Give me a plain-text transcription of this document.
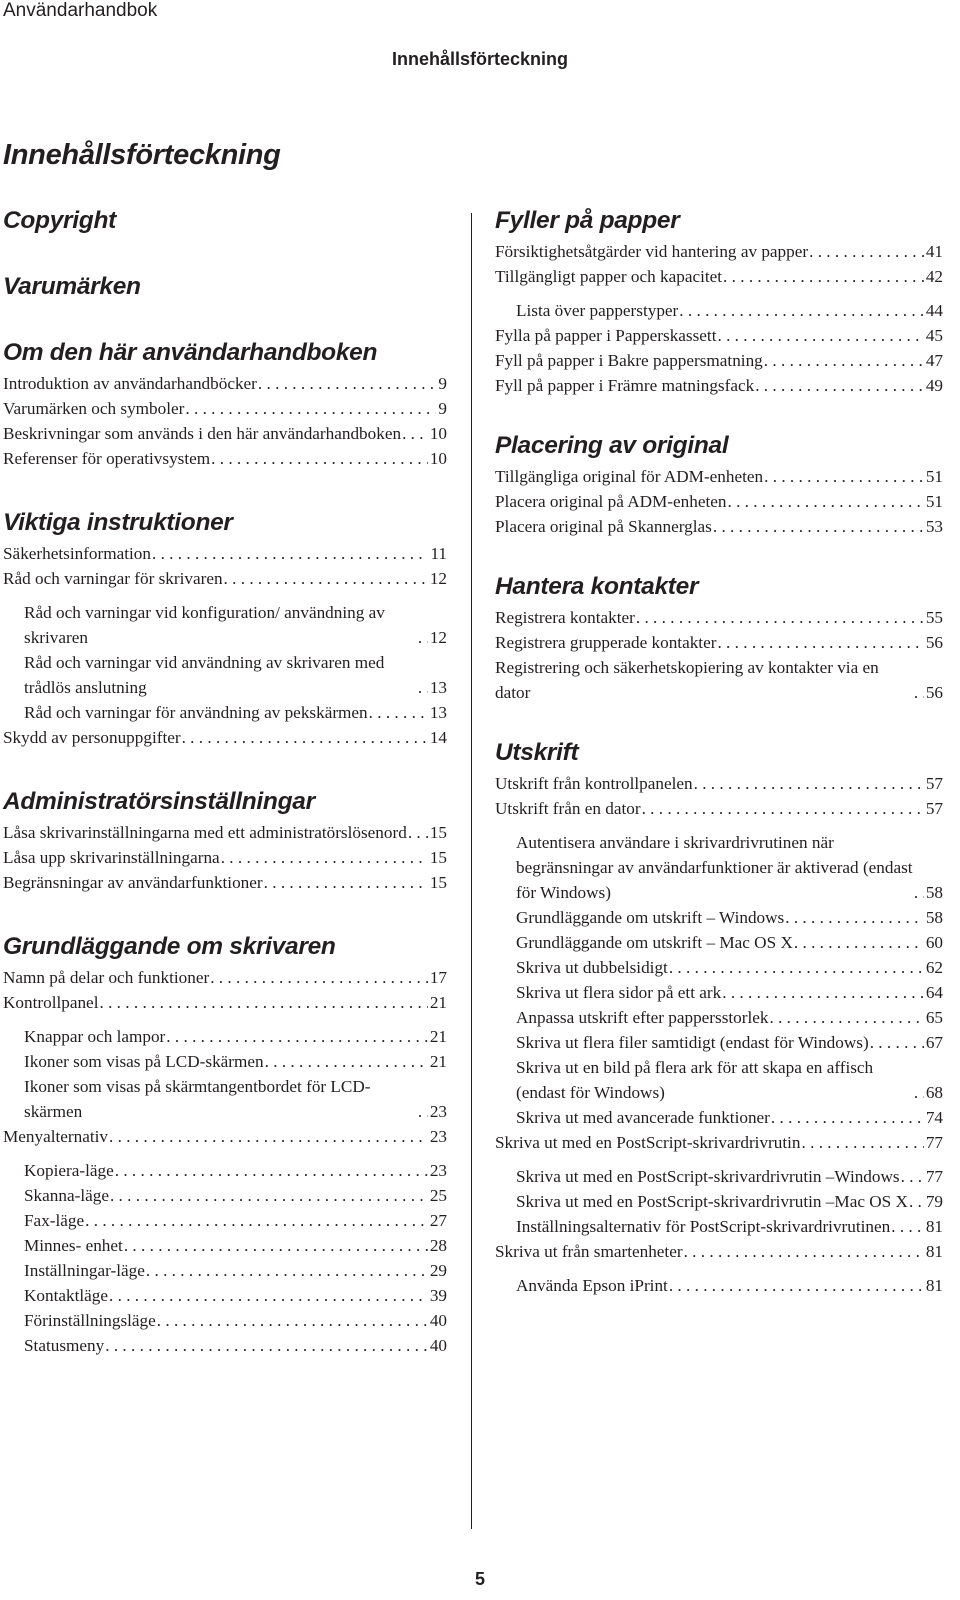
Användarhandbok
Innehållsförteckning
Innehållsförteckning
Copyright
Varumärken
Om den här användarhandboken
Introduktion av användarhandböcker . . .	9
Varumärken och symboler . . .	9
Beskrivningar som används i den här användarhandboken . . . 10
Referenser för operativsystem . . .	10
Viktiga instruktioner
Säkerhetsinformation . . .	11
Råd och varningar för skrivaren . . .	12
Råd och varningar vid konfiguration/ användning av skrivaren . . .	12
Råd och varningar vid användning av skrivaren med trådlös anslutning . . .	13
Råd och varningar för användning av pekskärmen . . .	13
Skydd av personuppgifter . . .	14
Administratörsinställningar
Låsa skrivarinställningarna med ett administratörslösenord . . . 15
Låsa upp skrivarinställningarna . . .	15
Begränsningar av användarfunktioner . . .	15
Grundläggande om skrivaren
Namn på delar och funktioner . . .	17
Kontrollpanel . . .	21
Knappar och lampor . . .	21
Ikoner som visas på LCD-skärmen . . .	21
Ikoner som visas på skärmtangentbordet för LCD-skärmen . . .	23
Menyalternativ . . .	23
Kopiera-läge . . .	23
Skanna-läge . . .	25
Fax-läge . . .	27
Minnes- enhet . . .	28
Inställningar-läge . . .	29
Kontaktläge . . .	39
Förinställningsläge . . .	40
Statusmeny . . .	40
Fyller på papper
Försiktighetsåtgärder vid hantering av papper . . .	41
Tillgängligt papper och kapacitet . . .	42
Lista över papperstyper . . .	44
Fylla på papper i Papperskassett . . .	45
Fyll på papper i Bakre pappersmatning . . .	47
Fyll på papper i Främre matningsfack . . .	49
Placering av original
Tillgängliga original för ADM-enheten . . .	51
Placera original på ADM-enheten . . .	51
Placera original på Skannerglas . . .	53
Hantera kontakter
Registrera kontakter . . .	55
Registrera grupperade kontakter . . .	56
Registrering och säkerhetskopiering av kontakter via en dator . . .	56
Utskrift
Utskrift från kontrollpanelen . . .	57
Utskrift från en dator . . .	57
Autentisera användare i skrivardrivrutinen när begränsningar av användarfunktioner är aktiverad (endast för Windows) . . .	58
Grundläggande om utskrift – Windows . . .	58
Grundläggande om utskrift – Mac OS X . . .	60
Skriva ut dubbelsidigt . . .	62
Skriva ut flera sidor på ett ark . . .	64
Anpassa utskrift efter pappersstorlek . . .	65
Skriva ut flera filer samtidigt (endast för Windows) . . .	67
Skriva ut en bild på flera ark för att skapa en affisch (endast för Windows) . . .	68
Skriva ut med avancerade funktioner . . .	74
Skriva ut med en PostScript-skrivardrivrutin . . .	77
Skriva ut med en PostScript-skrivardrivrutin –Windows . . . 77
Skriva ut med en PostScript-skrivardrivrutin –Mac OS X . . . 79
Inställningsalternativ för PostScript-skrivardrivrutinen . . . 81
Skriva ut från smartenheter . . .	81
Använda Epson iPrint . . .	81
5
